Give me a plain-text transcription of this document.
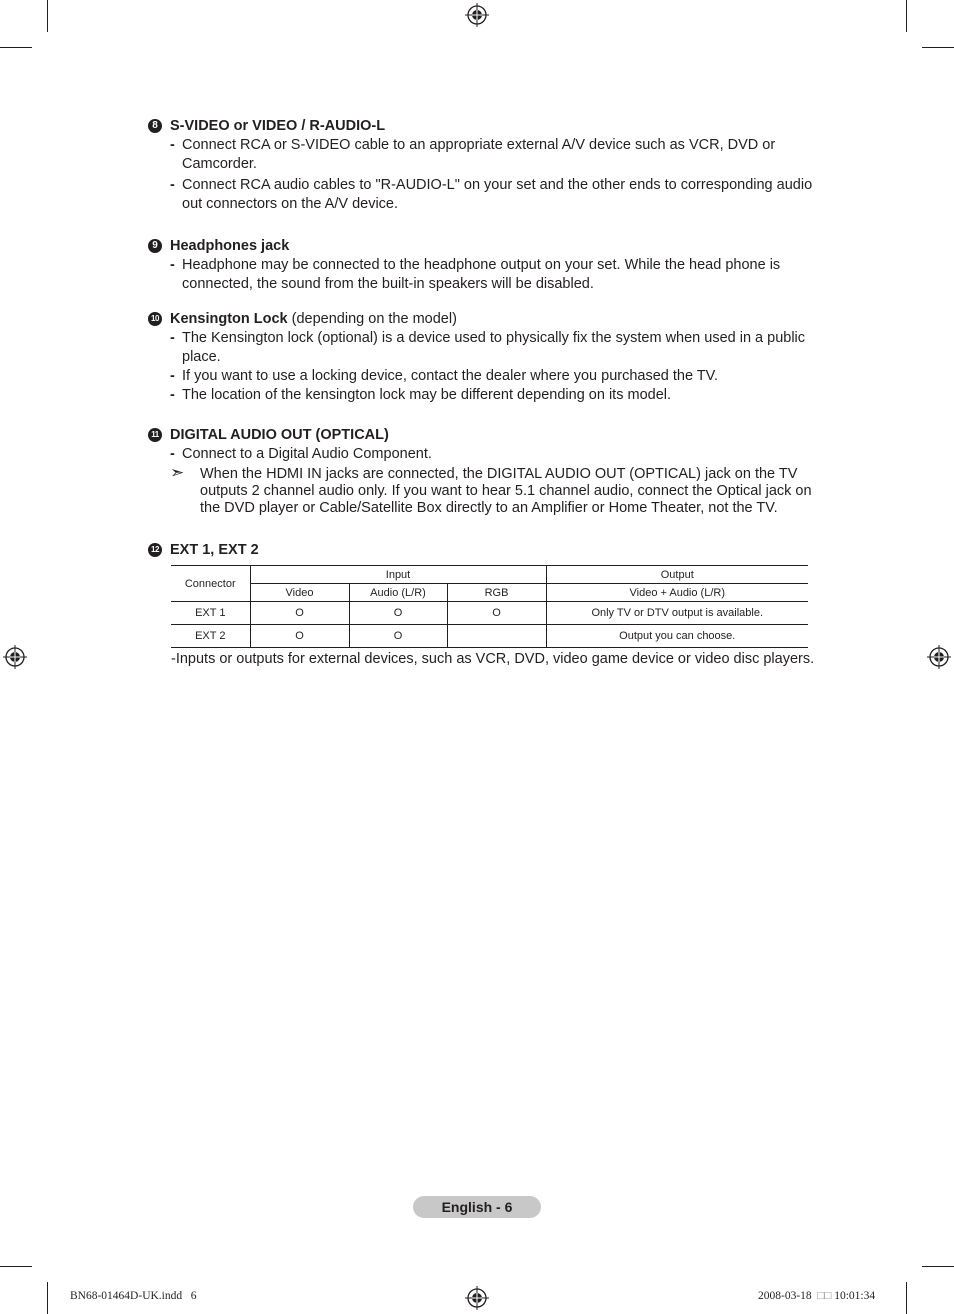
8 S-VIDEO or VIDEO / R-AUDIO-L
- Connect RCA or S-VIDEO cable to an appropriate external A/V device such as VCR, DVD or Camcorder.
- Connect RCA audio cables to "R-AUDIO-L" on your set and the other ends to corresponding audio out connectors on the A/V device.
9 Headphones jack
- Headphone may be connected to the headphone output on your set. While the head phone is connected, the sound from the built-in speakers will be disabled.
10 Kensington Lock (depending on the model)
- The Kensington lock (optional) is a device used to physically fix the system when used in a public place.
- If you want to use a locking device, contact the dealer where you purchased the TV.
- The location of the kensington lock may be different depending on its model.
11 DIGITAL AUDIO OUT (OPTICAL)
- Connect to a Digital Audio Component.
➣ When the HDMI IN jacks are connected, the DIGITAL AUDIO OUT (OPTICAL) jack on the TV outputs 2 channel audio only. If you want to hear 5.1 channel audio, connect the Optical jack on the DVD player or Cable/Satellite Box directly to an Amplifier or Home Theater, not the TV.
12 EXT 1, EXT 2
Connector	Input			Output
	Video	Audio (L/R)	RGB	Video + Audio (L/R)
EXT 1	O	O	O	Only TV or DTV output is available.
EXT 2	O	O		Output you can choose.
-Inputs or outputs for external devices, such as VCR, DVD, video game device or video disc players.
English - 6
BN68-01464D-UK.indd   6	2008-03-18 □□ 10:01:34
